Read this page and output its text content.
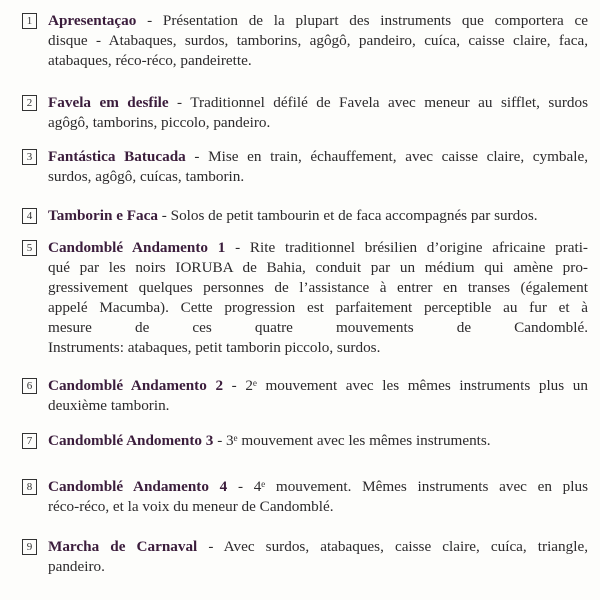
1	Apresentaçao - Présentation de la plupart des instruments que comportera ce
disque - Atabaques, surdos, tamborins, agôgô, pandeiro, cuíca, caisse claire, faca,
atabaques, réco-réco, pandeirette.
2	Favela em desfile - Traditionnel défilé de Favela avec meneur au sifflet, surdos
agôgô, tamborins, piccolo, pandeiro.
3	Fantástica Batucada - Mise en train, échauffement, avec caisse claire, cymbale,
surdos, agôgô, cuícas, tamborin.
4	Tamborin e Faca - Solos de petit tambourin et de faca accompagnés par surdos.
5	Candomblé Andamento 1 - Rite traditionnel brésilien d’origine africaine prati-
qué par les noirs IORUBA de Bahia, conduit par un médium qui amène pro-
gressivement quelques personnes de l’assistance à entrer en transes (également
appelé Macumba). Cette progression est parfaitement perceptible au fur et à
mesure de ces quatre mouvements de Candomblé.
Instruments: atabaques, petit tamborin piccolo, surdos.
6	Candomblé Andamento 2 - 2ᵉ mouvement avec les mêmes instruments plus un
deuxième tamborin.
7	Candomblé Andomento 3 - 3ᵉ mouvement avec les mêmes instruments.
8	Candomblé Andamento 4 - 4ᵉ mouvement. Mêmes instruments avec en plus
réco-réco, et la voix du meneur de Candomblé.
9	Marcha de Carnaval - Avec surdos, atabaques, caisse claire, cuíca, triangle,
pandeiro.
